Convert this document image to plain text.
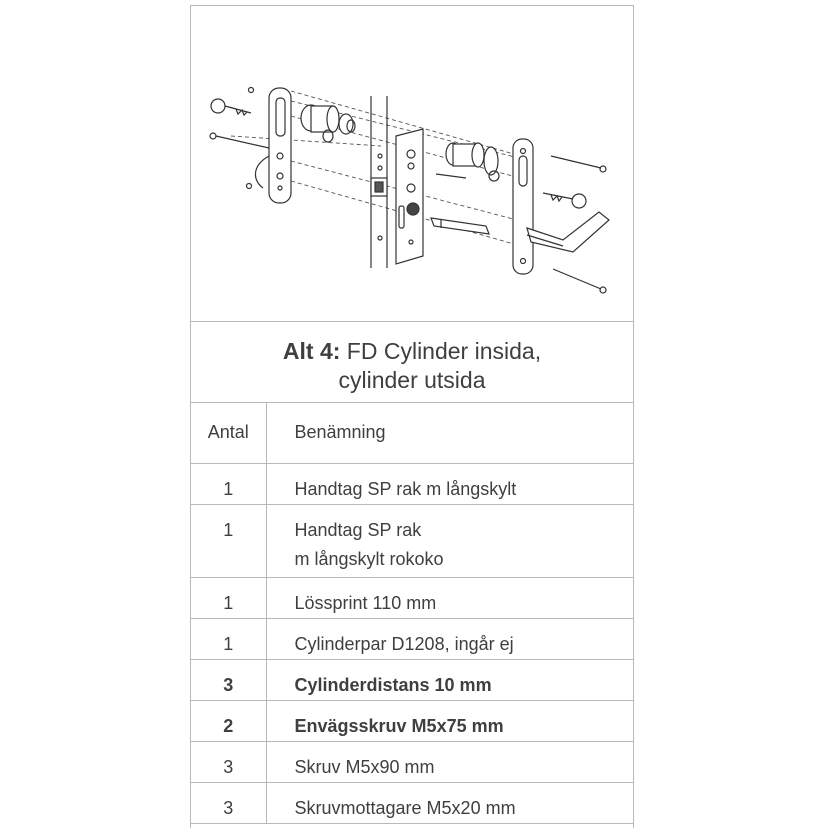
Alt 4: FD Cylinder insida,
cylinder utsida
Antal	Benämning
1	Handtag SP rak m långskylt
1	Handtag SP rak
m långskylt rokoko

1	Lössprint 110 mm
1	Cylinderpar D1208, ingår ej
3	Cylinderdistans 10 mm
2	Envägsskruv M5x75 mm
3	Skruv M5x90 mm
3	Skruvmottagare M5x20 mm
